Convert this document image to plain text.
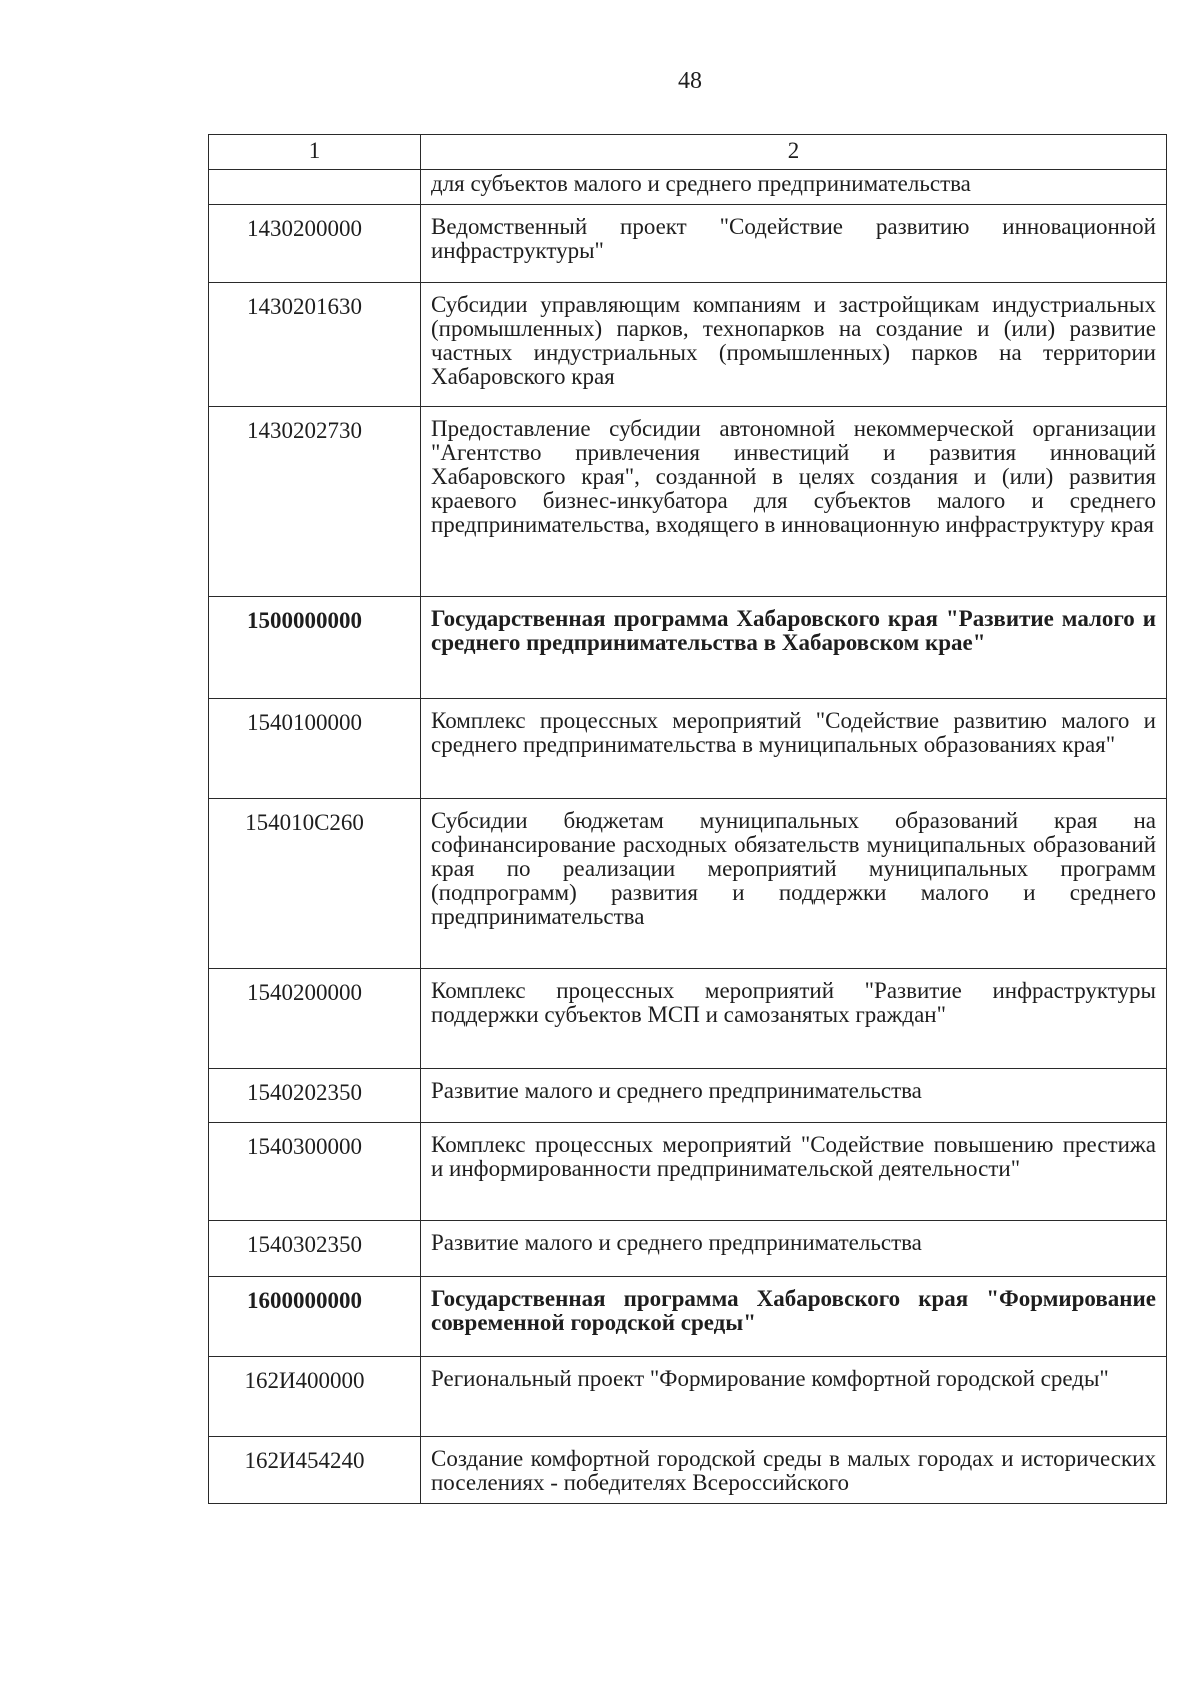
48
1	2
	для субъектов малого и среднего предпринимательства
1430200000	Ведомственный проект "Содействие развитию инновационной инфраструктуры"
1430201630	Субсидии управляющим компаниям и застройщикам индустриальных (промышленных) парков, технопарков на создание и (или) развитие частных индустриальных (промышленных) парков на территории Хабаровского края
1430202730	Предоставление субсидии автономной некоммерческой организации "Агентство привлечения инвестиций и развития инноваций Хабаровского края", созданной в целях создания и (или) развития краевого бизнес-инкубатора для субъектов малого и среднего предпринимательства, входящего в инновационную инфраструктуру края
1500000000	Государственная программа Хабаровского края "Развитие малого и среднего предпринимательства в Хабаровском крае"
1540100000	Комплекс процессных мероприятий "Содействие развитию малого и среднего предпринимательства в муниципальных образованиях края"
154010С260	Субсидии бюджетам муниципальных образований края на софинансирование расходных обязательств муниципальных образований края по реализации мероприятий муниципальных программ (подпрограмм) развития и поддержки малого и среднего предпринимательства
1540200000	Комплекс процессных мероприятий "Развитие инфраструктуры поддержки субъектов МСП и самозанятых граждан"
1540202350	Развитие малого и среднего предпринимательства
1540300000	Комплекс процессных мероприятий "Содействие повышению престижа и информированности предпринимательской деятельности"
1540302350	Развитие малого и среднего предпринимательства
1600000000	Государственная программа Хабаровского края "Формирование современной городской среды"
162И400000	Региональный проект "Формирование комфортной городской среды"
162И454240	Создание комфортной городской среды в малых городах и исторических поселениях - победителях Всероссийского
